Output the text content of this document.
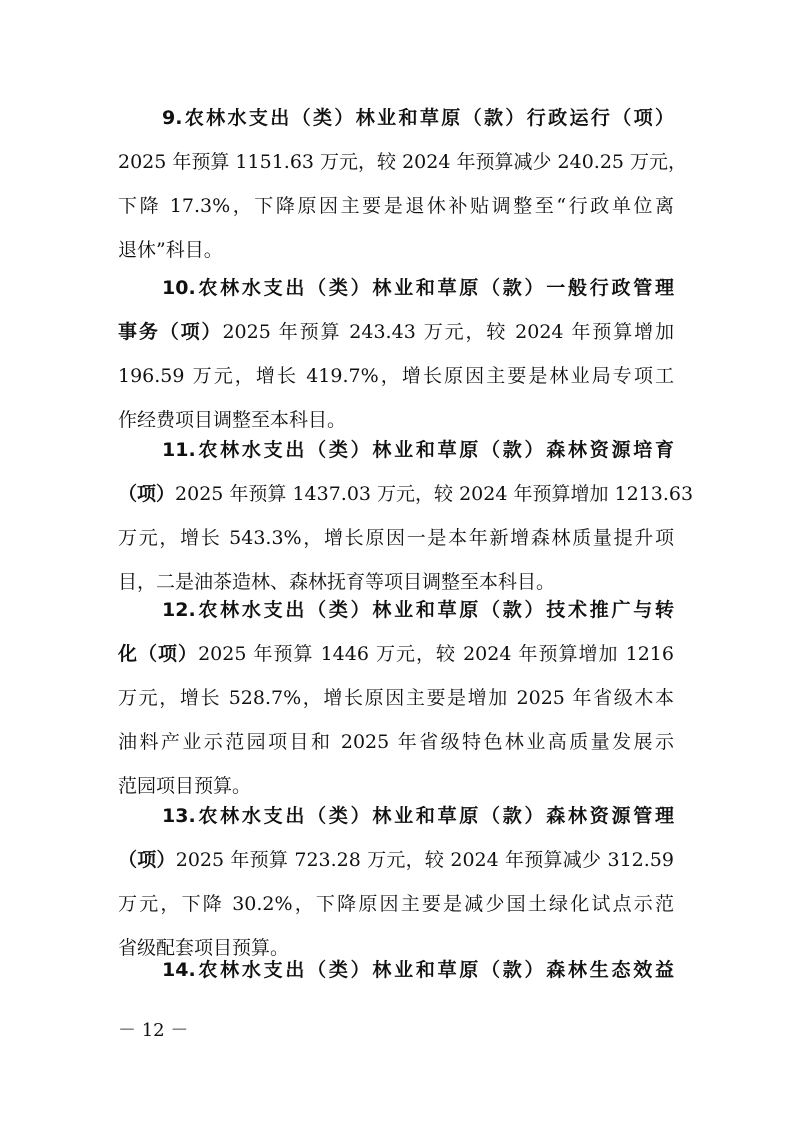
9.农林水支出（类）林业和草原（款）行政运行（项）
2025 年预算 1151.63 万元，较 2024 年预算减少 240.25 万元，
下降 17.3%，下降原因主要是退休补贴调整至“行政单位离
退休”科目。
10.农林水支出（类）林业和草原（款）一般行政管理
事务（项）2025 年预算 243.43 万元，较 2024 年预算增加
196.59 万元，增长 419.7%，增长原因主要是林业局专项工
作经费项目调整至本科目。
11.农林水支出（类）林业和草原（款）森林资源培育
（项）2025 年预算 1437.03 万元，较 2024 年预算增加 1213.63
万元，增长 543.3%，增长原因一是本年新增森林质量提升项
目，二是油茶造林、森林抚育等项目调整至本科目。
12.农林水支出（类）林业和草原（款）技术推广与转
化（项）2025 年预算 1446 万元，较 2024 年预算增加 1216
万元，增长 528.7%，增长原因主要是增加 2025 年省级木本
油料产业示范园项目和 2025 年省级特色林业高质量发展示
范园项目预算。
13.农林水支出（类）林业和草原（款）森林资源管理
（项）2025 年预算 723.28 万元，较 2024 年预算减少 312.59
万元，下降 30.2%，下降原因主要是减少国土绿化试点示范
省级配套项目预算。
14.农林水支出（类）林业和草原（款）森林生态效益
－ 12 －
